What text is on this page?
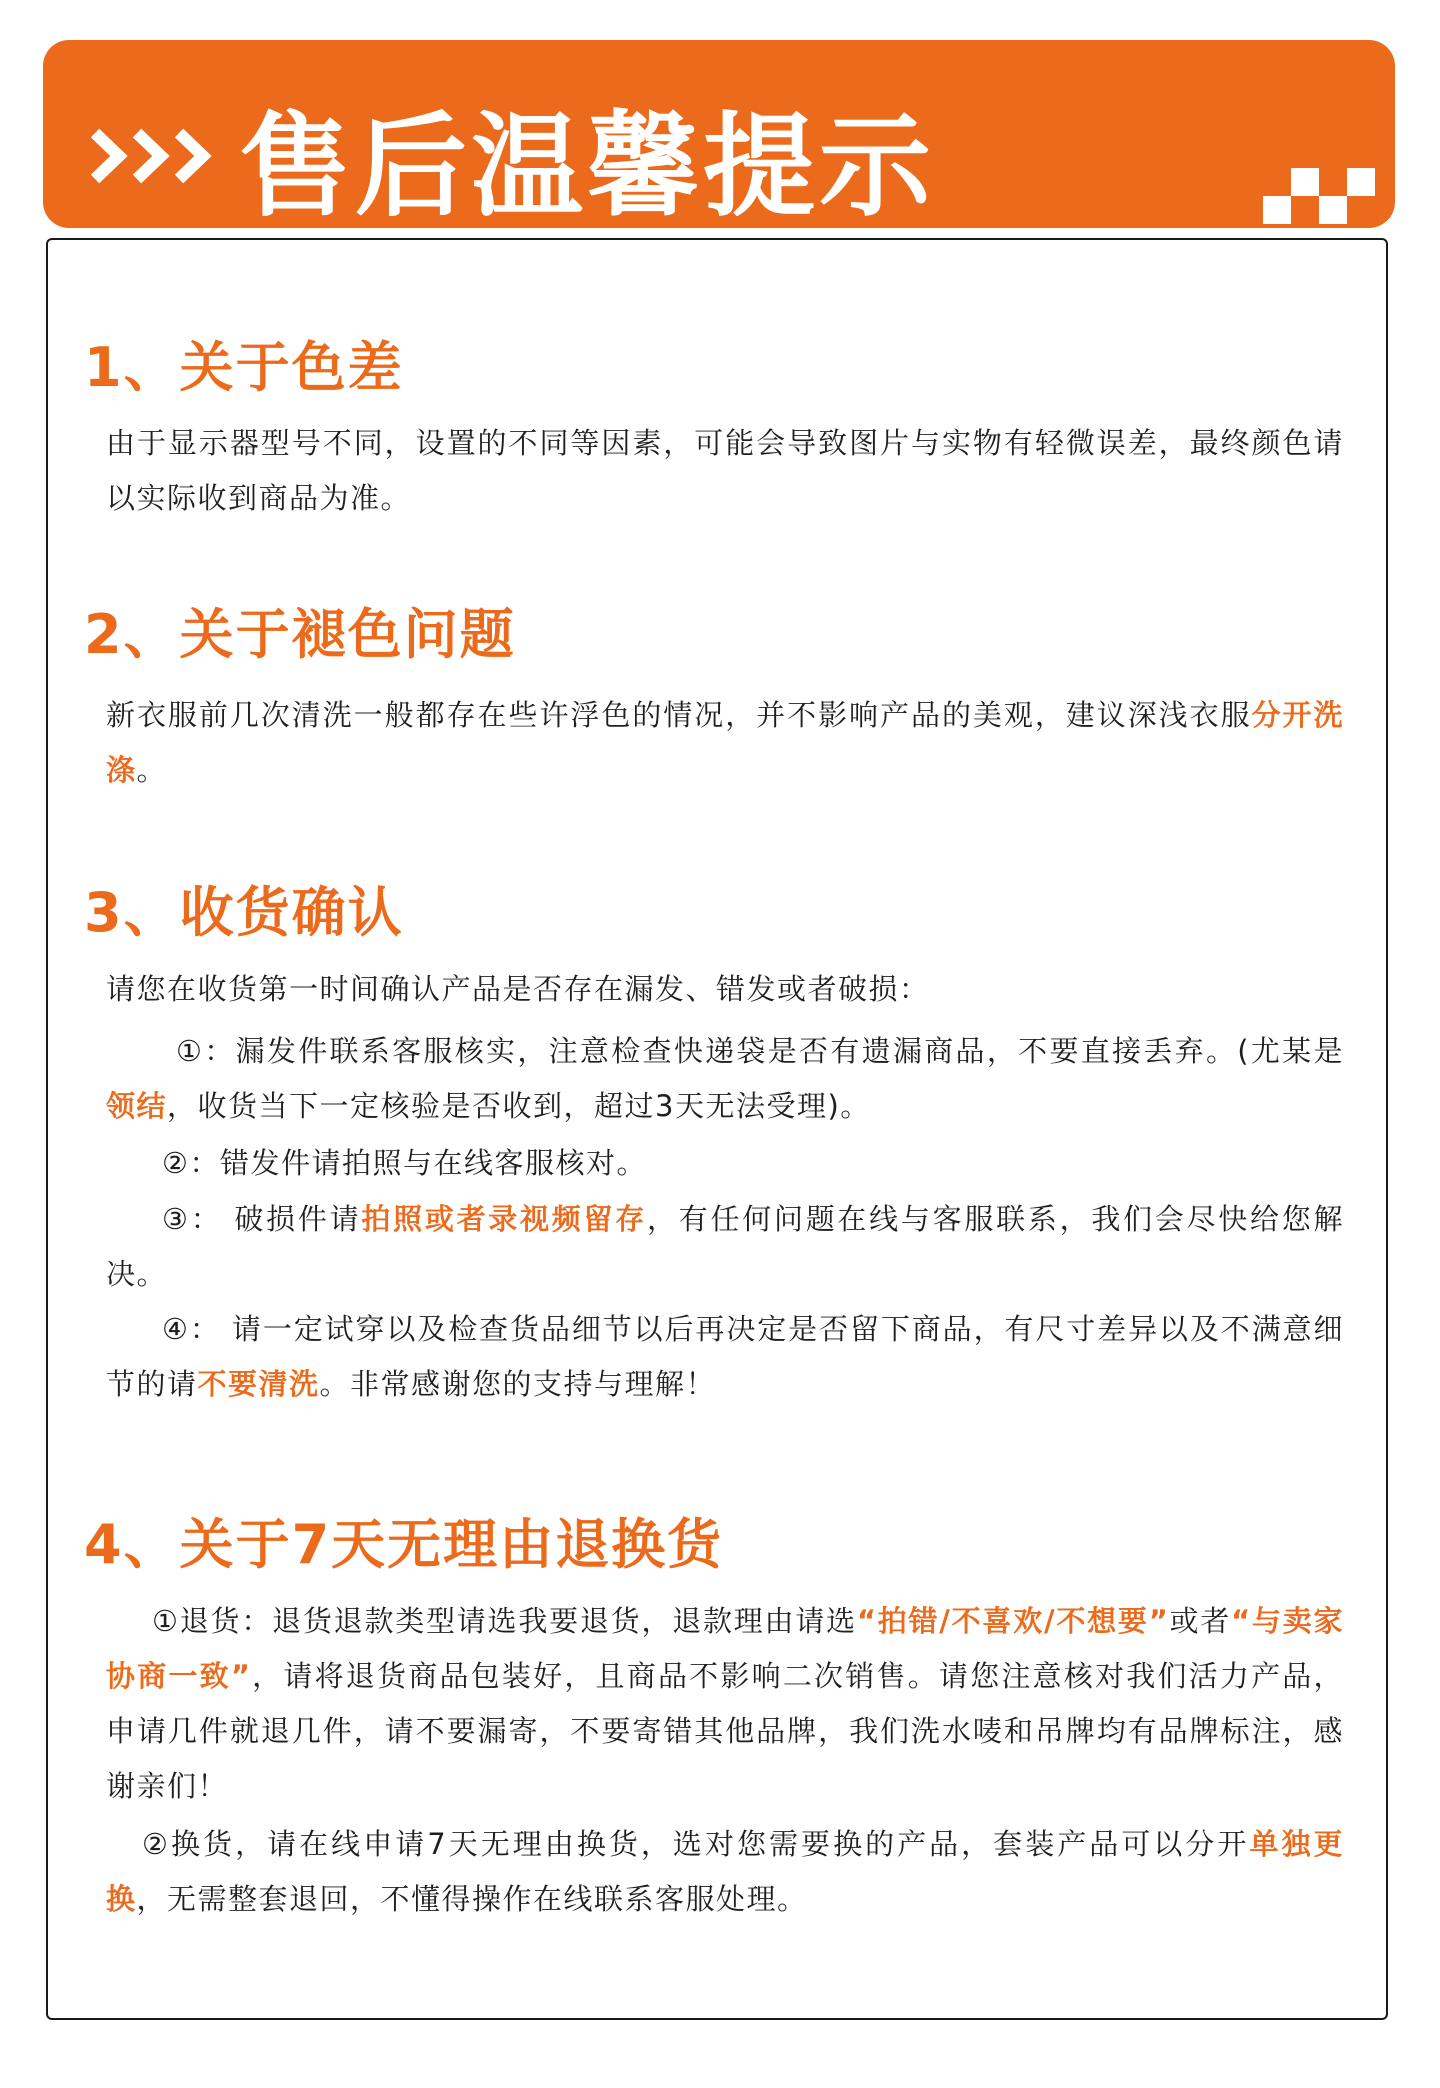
售后温馨提示
1、关于色差

由于显示器型号不同，设置的不同等因素，可能会导致图片与实物有轻微误差，最终颜色请以实际收到商品为准。

2、关于褪色问题

新衣服前几次清洗一般都存在些许浮色的情况，并不影响产品的美观，建议深浅衣服分开洗涤。

3、收货确认

请您在收货第一时间确认产品是否存在漏发、错发或者破损：

①：漏发件联系客服核实，注意检查快递袋是否有遗漏商品，不要直接丢弃。(尤某是领结，收货当下一定核验是否收到，超过3天无法受理)。

②：错发件请拍照与在线客服核对。

③： 破损件请拍照或者录视频留存，有任何问题在线与客服联系，我们会尽快给您解决。

④： 请一定试穿以及检查货品细节以后再决定是否留下商品，有尺寸差异以及不满意细节的请不要清洗。非常感谢您的支持与理解！

4、关于7天无理由退换货

①退货：退货退款类型请选我要退货，退款理由请选“拍错/不喜欢/不想要”或者“与卖家协商一致”，请将退货商品包装好，且商品不影响二次销售。请您注意核对我们活力产品，申请几件就退几件，请不要漏寄，不要寄错其他品牌，我们洗水唛和吊牌均有品牌标注，感谢亲们！

②换货，请在线申请7天无理由换货，选对您需要换的产品，套装产品可以分开单独更换，无需整套退回，不懂得操作在线联系客服处理。
